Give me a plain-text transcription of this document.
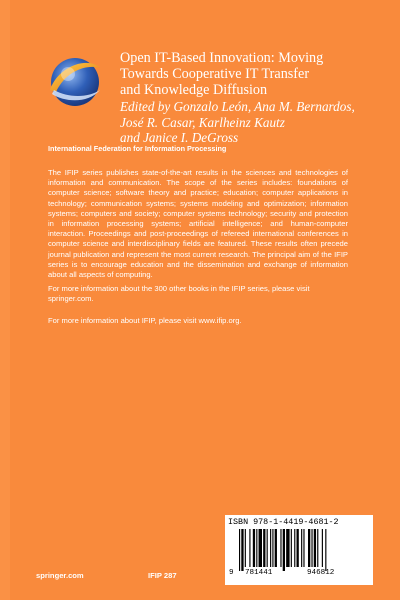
Open IT-Based Innovation: Moving
Towards Cooperative IT Transfer
and Knowledge Diffusion
Edited by Gonzalo León, Ana M. Bernardos,
José R. Casar, Karlheinz Kautz
and Janice I. DeGross
International Federation for Information Processing
The IFIP series publishes state-of-the-art results in the sciences and technologies of information and communication. The scope of the series includes: foundations of computer science; software theory and practice; education; computer applications in technology; communication systems; systems modeling and optimization; information systems; computers and society; computer systems technology; security and protection in information processing systems; artificial intelligence; and human-computer interaction. Proceedings and post-proceedings of refereed international conferences in computer science and interdisciplinary fields are featured. These results often precede journal publication and represent the most current research. The principal aim of the IFIP series is to encourage education and the dissemination and exchange of information about all aspects of computing.
For more information about the 300 other books in the IFIP series, please visit springer.com.
For more information about IFIP, please visit www.ifip.org.
ISBN 978-1-4419-4681-2
9 781441	946812
springer.com	IFIP 287
